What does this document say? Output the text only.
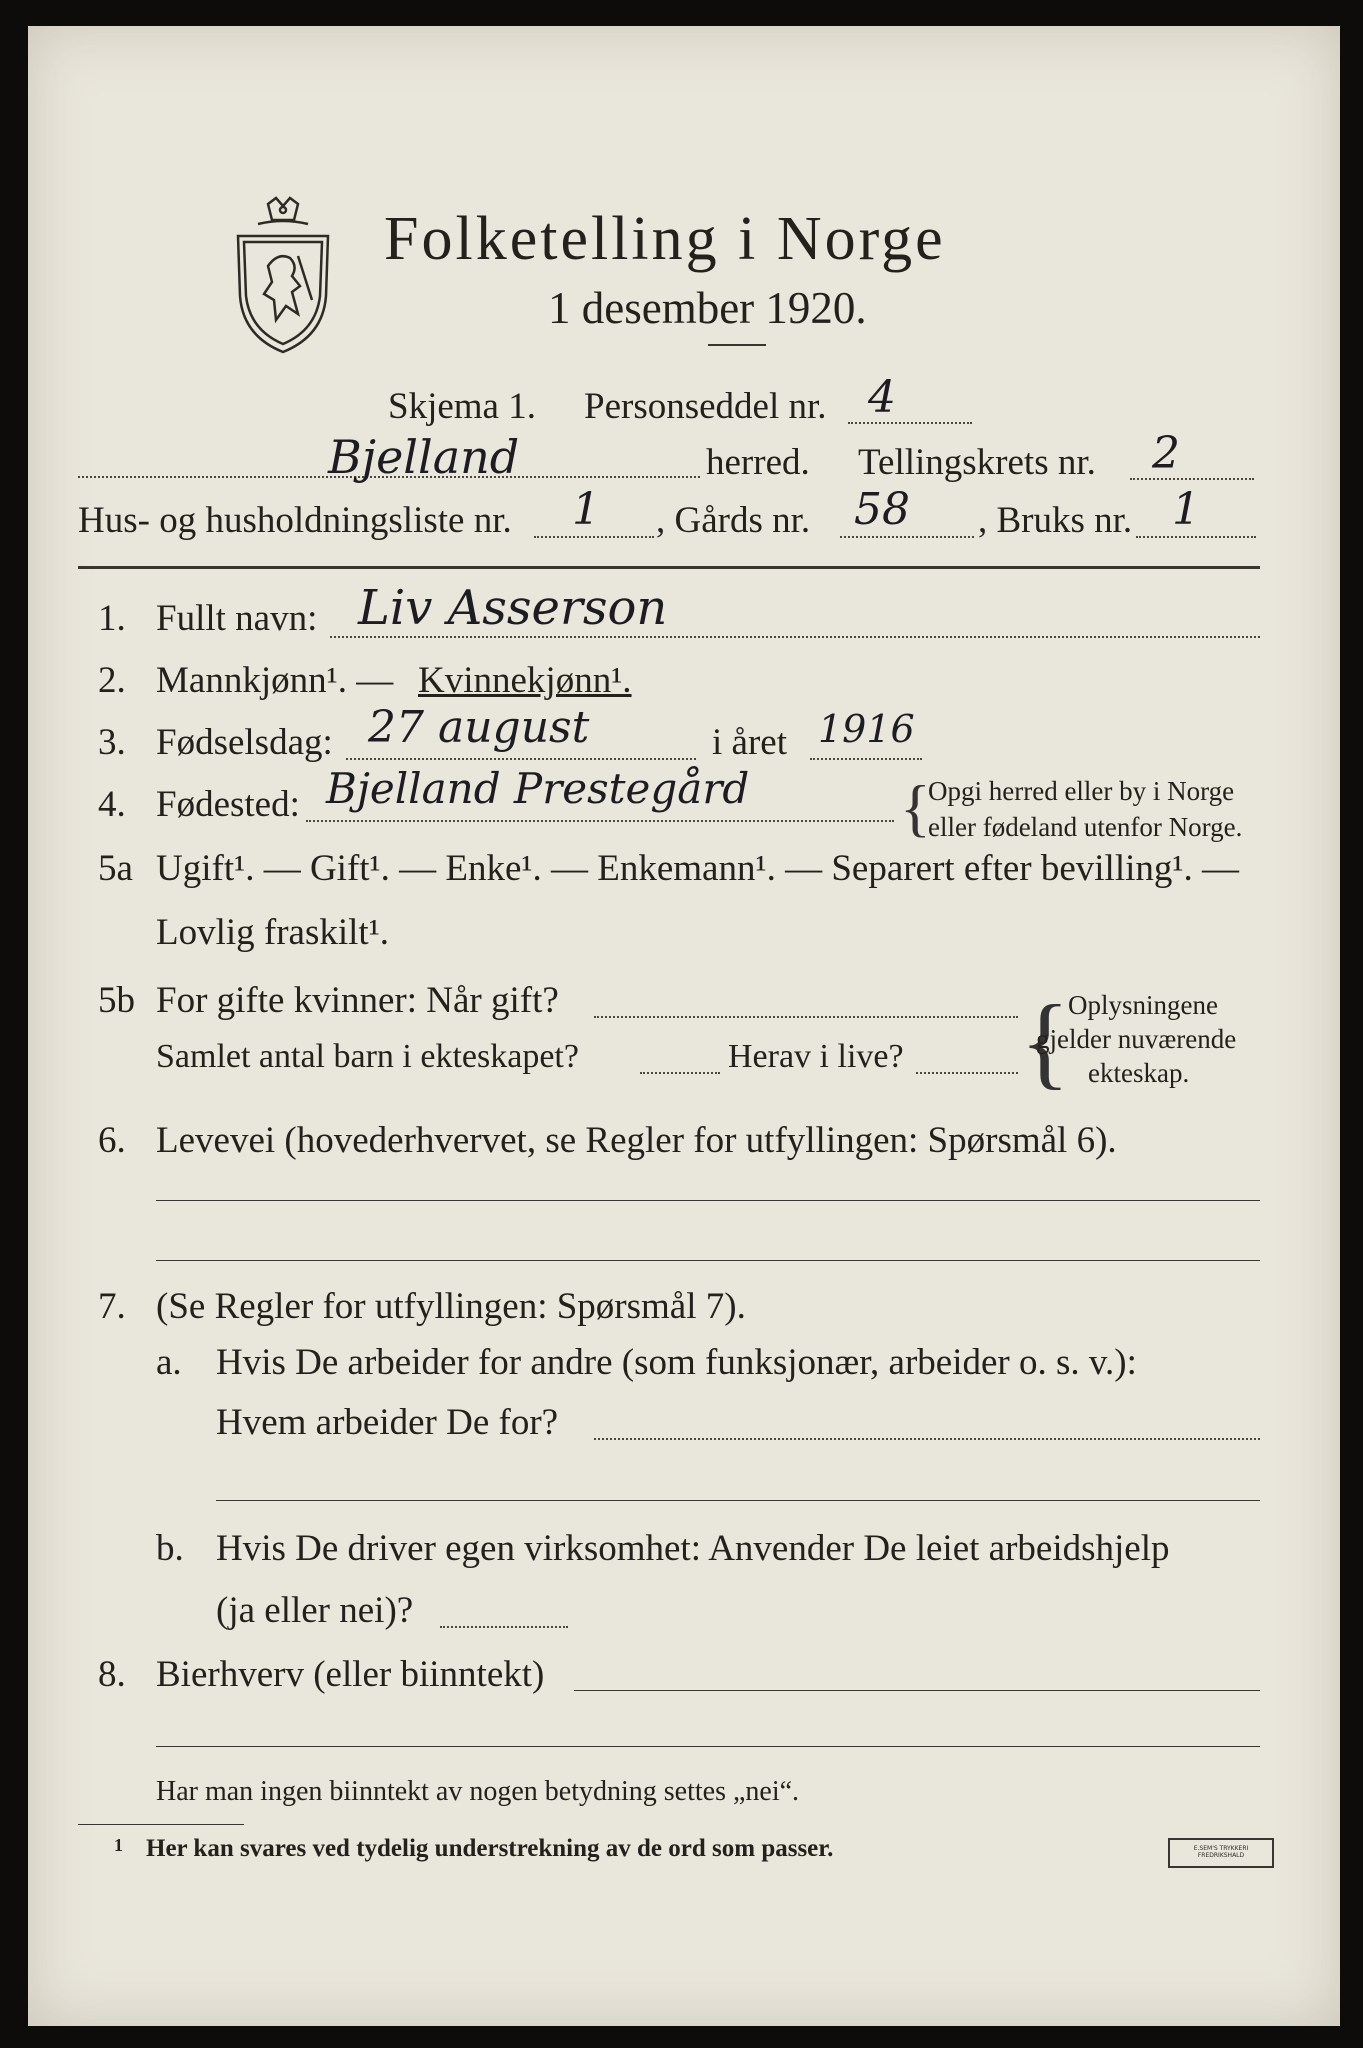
Folketelling i Norge
1 desember 1920.
Skjema 1. Personseddel nr. 4
Bjelland	herred. Tellingskrets nr. 2
Hus- og husholdningsliste nr. 1 , Gårds nr. 58 , Bruks nr. 1
1. Fullt navn: Liv Asserson
2. Mannkjønn¹. — Kvinnekjønn¹.
3. Fødselsdag: 27 august	i året 1916
4. Fødested: Bjelland Prestegård {
Opgi herred eller by i Norge
eller fødeland utenfor Norge.
5a Ugift¹. — Gift¹. — Enke¹. — Enkemann¹. — Separert efter bevilling¹. —
Lovlig fraskilt¹.
5b For gifte kvinner: Når gift?
Samlet antal barn i ekteskapet?	Herav i live? {
Oplysningene
gjelder nuværende
ekteskap.
6. Levevei (hovederhvervet, se Regler for utfyllingen: Spørsmål 6).
7. (Se Regler for utfyllingen: Spørsmål 7).
a. Hvis De arbeider for andre (som funksjonær, arbeider o. s. v.):
Hvem arbeider De for?
b. Hvis De driver egen virksomhet: Anvender De leiet arbeidshjelp
(ja eller nei)?
8. Bierhverv (eller biinntekt)
Har man ingen biinntekt av nogen betydning settes „nei“.
1 Her kan svares ved tydelig understrekning av de ord som passer.	E.SEM'S TRYKKERI FREDRIKSHALD
